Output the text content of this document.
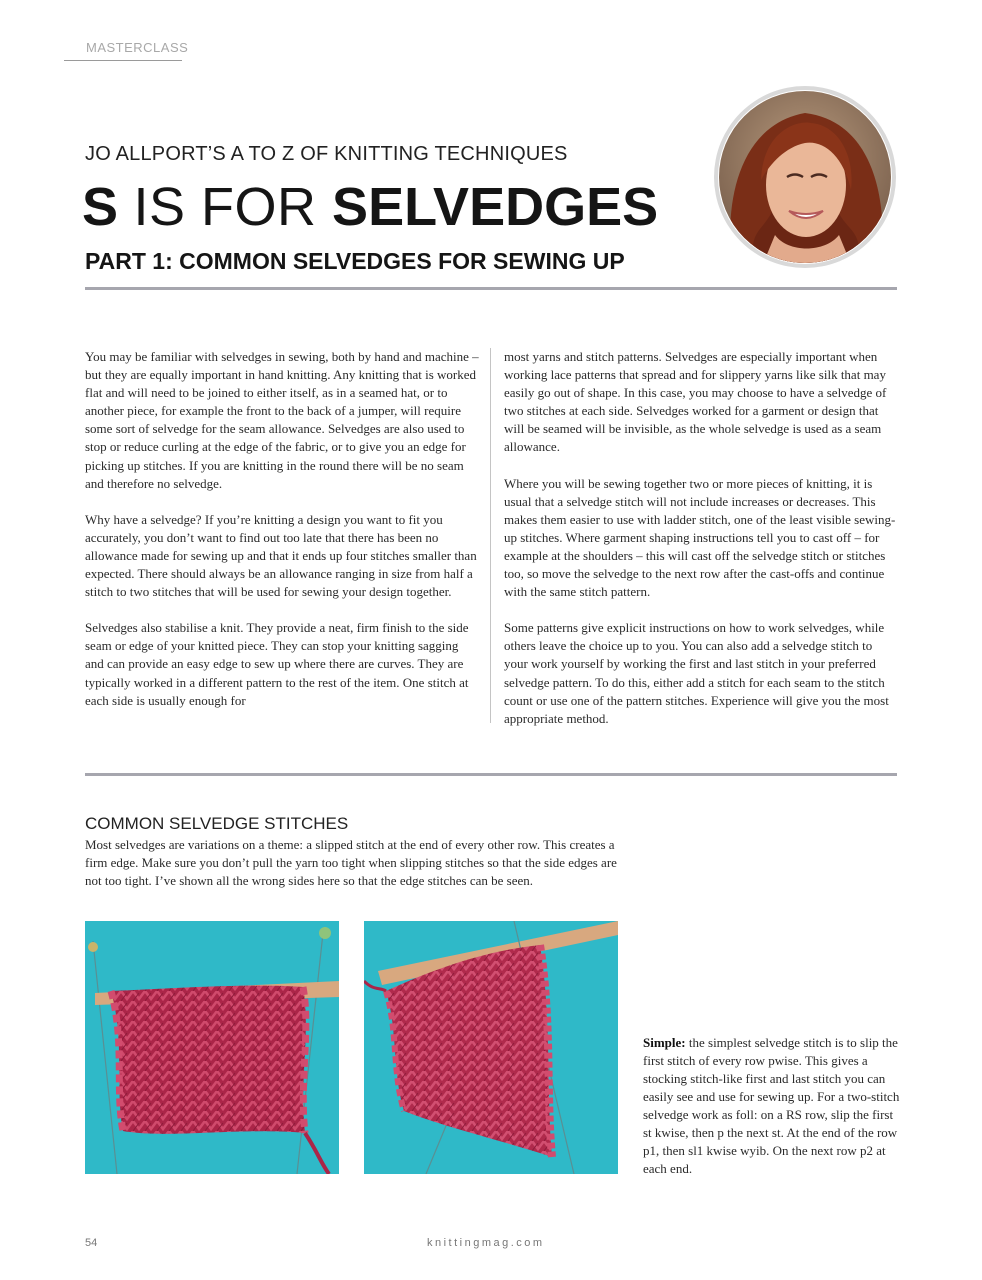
MASTERCLASS
JO ALLPORT’S A TO Z OF KNITTING TECHNIQUES
S IS FOR SELVEDGES
PART 1: COMMON SELVEDGES FOR SEWING UP

You may be familiar with selvedges in sewing, both by hand and machine – but they are equally important in hand knitting. Any knitting that is worked flat and will need to be joined to either itself, as in a seamed hat, or to another piece, for example the front to the back of a jumper, will require some sort of selvedge for the seam allowance. Selvedges are also used to stop or reduce curling at the edge of the fabric, or to give you an edge for picking up stitches. If you are knitting in the round there will be no seam and therefore no selvedge.

Why have a selvedge? If you’re knitting a design you want to fit you accurately, you don’t want to find out too late that there has been no allowance made for sewing up and that it ends up four stitches smaller than expected. There should always be an allowance ranging in size from half a stitch to two stitches that will be used for sewing your design together.

Selvedges also stabilise a knit. They provide a neat, firm finish to the side seam or edge of your knitted piece. They can stop your knitting sagging and can provide an easy edge to sew up where there are curves. They are typically worked in a different pattern to the rest of the item. One stitch at each side is usually enough for

most yarns and stitch patterns. Selvedges are especially important when working lace patterns that spread and for slippery yarns like silk that may easily go out of shape. In this case, you may choose to have a selvedge of two stitches at each side. Selvedges worked for a garment or design that will be seamed will be invisible, as the whole selvedge is used as a seam allowance.

Where you will be sewing together two or more pieces of knitting, it is usual that a selvedge stitch will not include increases or decreases. This makes them easier to use with ladder stitch, one of the least visible sewing-up stitches. Where garment shaping instructions tell you to cast off – for example at the shoulders – this will cast off the selvedge stitch or stitches too, so move the selvedge to the next row after the cast-offs and continue with the same stitch pattern.

Some patterns give explicit instructions on how to work selvedges, while others leave the choice up to you. You can also add a selvedge stitch to your work yourself by working the first and last stitch in your preferred selvedge pattern. To do this, either add a stitch for each seam to the stitch count or use one of the pattern stitches. Experience will give you the most appropriate method.

COMMON SELVEDGE STITCHES
Most selvedges are variations on a theme: a slipped stitch at the end of every other row. This creates a firm edge. Make sure you don’t pull the yarn too tight when slipping stitches so that the side edges are not too tight. I’ve shown all the wrong sides here so that the edge stitches can be seen.
Simple: the simplest selvedge stitch is to slip the first stitch of every row pwise. This gives a stocking stitch-like first and last stitch you can easily see and use for sewing up. For a two-stitch selvedge work as foll: on a RS row, slip the first st kwise, then p the next st. At the end of the row p1, then sl1 kwise wyib. On the next row p2 at each end.
54	knittingmag.com
